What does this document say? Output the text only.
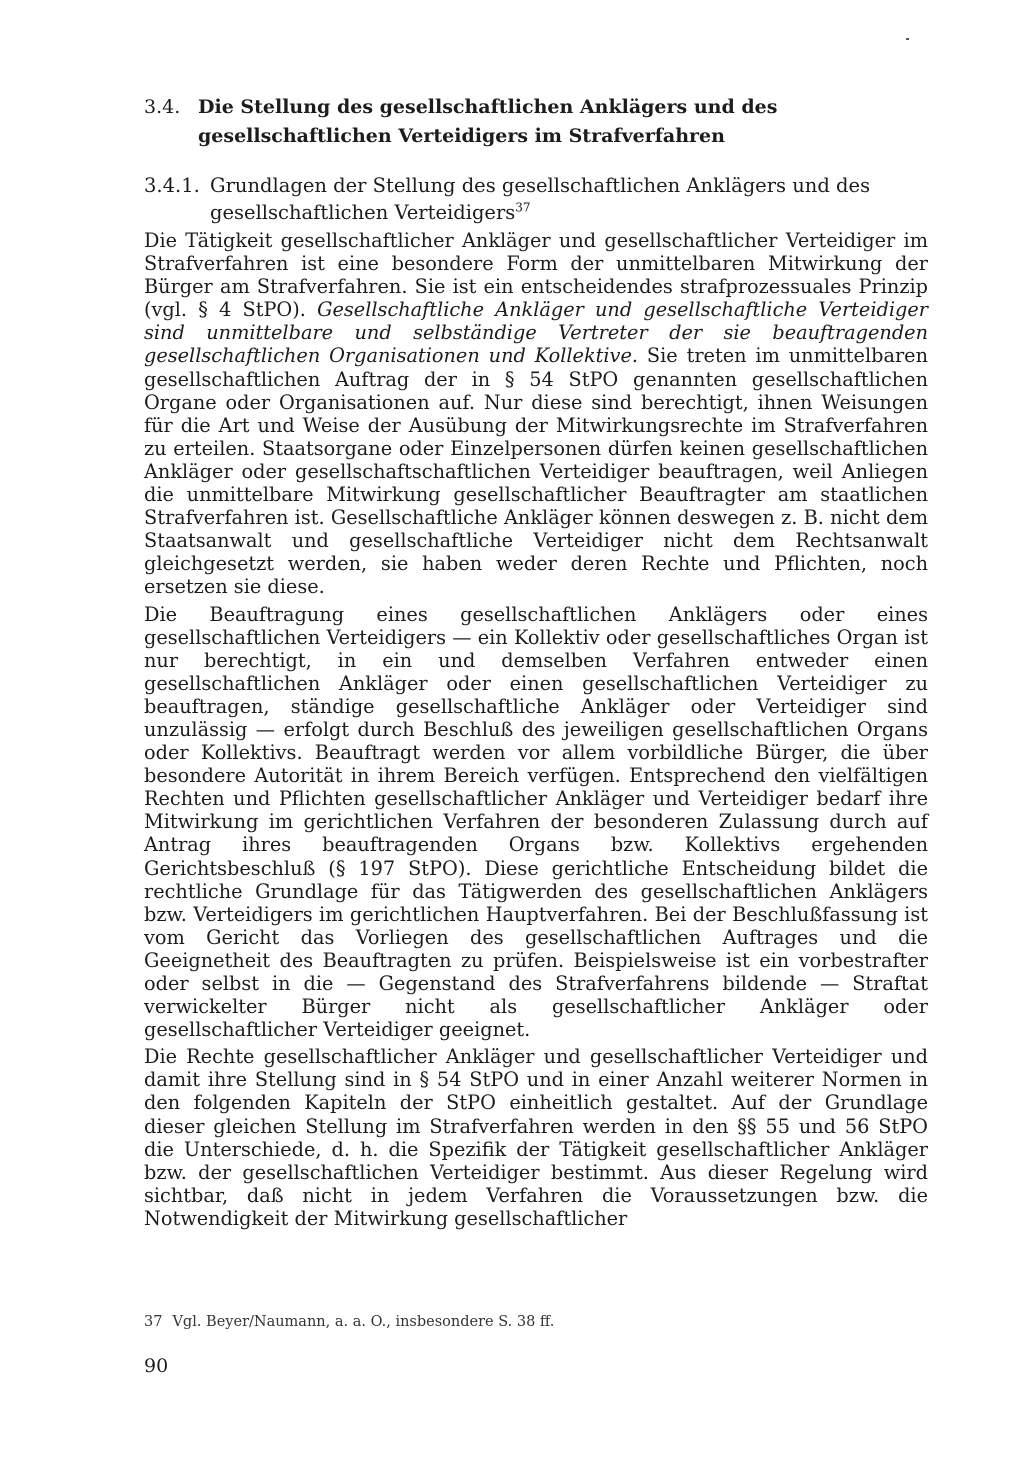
3.4. Die Stellung des gesellschaftlichen Anklägers und des gesellschaftlichen Verteidigers im Strafverfahren
3.4.1. Grundlagen der Stellung des gesellschaftlichen Anklägers und des gesellschaftlichen Verteidigers$^{37}$

Die Tätigkeit gesellschaftlicher Ankläger und gesellschaftlicher Verteidiger im Strafverfahren ist eine besondere Form der unmittelbaren Mitwirkung der Bürger am Strafverfahren. Sie ist ein entscheidendes strafprozessuales Prinzip (vgl. § 4 StPO). Gesellschaftliche Ankläger und gesellschaftliche Verteidiger sind unmittelbare und selbständige Vertreter der sie beauftragenden gesellschaftlichen Organisationen und Kollektive. Sie treten im unmittelbaren gesellschaftlichen Auftrag der in § 54 StPO genannten gesellschaftlichen Organe oder Organisationen auf. Nur diese sind berechtigt, ihnen Weisungen für die Art und Weise der Ausübung der Mitwirkungsrechte im Strafverfahren zu erteilen. Staatsorgane oder Einzelpersonen dürfen keinen gesellschaftlichen Ankläger oder gesellschaftschaftlichen Verteidiger beauftragen, weil Anliegen die unmittelbare Mitwirkung gesellschaftlicher Beauftragter am staatlichen Strafverfahren ist. Gesellschaftliche Ankläger können deswegen z. B. nicht dem Staatsanwalt und gesellschaftliche Verteidiger nicht dem Rechtsanwalt gleichgesetzt werden, sie haben weder deren Rechte und Pflichten, noch ersetzen sie diese.

Die Beauftragung eines gesellschaftlichen Anklägers oder eines gesellschaftlichen Verteidigers — ein Kollektiv oder gesellschaftliches Organ ist nur berechtigt, in ein und demselben Verfahren entweder einen gesellschaftlichen Ankläger oder einen gesellschaftlichen Verteidiger zu beauftragen, ständige gesellschaftliche Ankläger oder Verteidiger sind unzulässig — erfolgt durch Beschluß des jeweiligen gesellschaftlichen Organs oder Kollektivs. Beauftragt werden vor allem vorbildliche Bürger, die über besondere Autorität in ihrem Bereich verfügen. Entsprechend den vielfältigen Rechten und Pflichten gesellschaftlicher Ankläger und Verteidiger bedarf ihre Mitwirkung im gerichtlichen Verfahren der besonderen Zulassung durch auf Antrag ihres beauftragenden Organs bzw. Kollektivs ergehenden Gerichtsbeschluß (§ 197 StPO). Diese gerichtliche Entscheidung bildet die rechtliche Grundlage für das Tätigwerden des gesellschaftlichen Anklägers bzw. Verteidigers im gerichtlichen Hauptverfahren. Bei der Beschlußfassung ist vom Gericht das Vorliegen des gesellschaftlichen Auftrages und die Geeignetheit des Beauftragten zu prüfen. Beispielsweise ist ein vorbestrafter oder selbst in die — Gegenstand des Strafverfahrens bildende — Straftat verwickelter Bürger nicht als gesellschaftlicher Ankläger oder gesellschaftlicher Verteidiger geeignet.

Die Rechte gesellschaftlicher Ankläger und gesellschaftlicher Verteidiger und damit ihre Stellung sind in § 54 StPO und in einer Anzahl weiterer Normen in den folgenden Kapiteln der StPO einheitlich gestaltet. Auf der Grundlage dieser gleichen Stellung im Strafverfahren werden in den §§ 55 und 56 StPO die Unterschiede, d. h. die Spezifik der Tätigkeit gesellschaftlicher Ankläger bzw. der gesellschaftlichen Verteidiger bestimmt. Aus dieser Regelung wird sichtbar, daß nicht in jedem Verfahren die Voraussetzungen bzw. die Notwendigkeit der Mitwirkung gesellschaftlicher

37 Vgl. Beyer/Naumann, a. a. O., insbesondere S. 38 ff.
90
